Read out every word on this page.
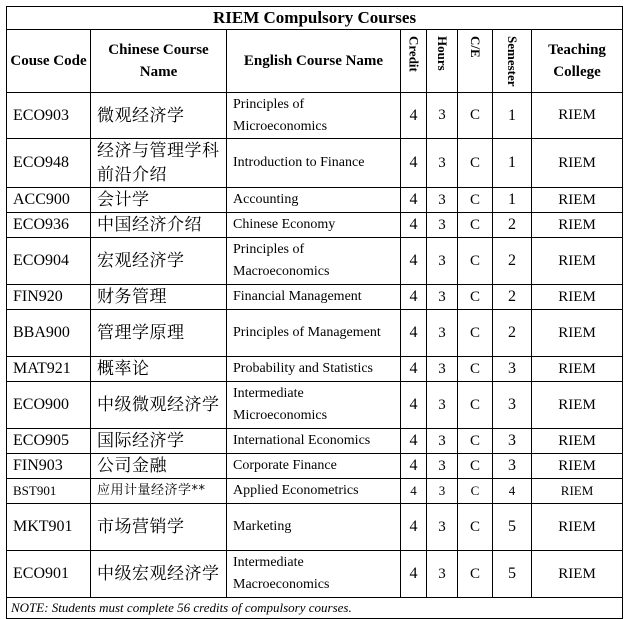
RIEM Compulsory Courses							
Couse Code	Chinese Course Name	English Course Name	Credit	Hours	C/E	Semester	Teaching College
ECO903	微观经济学	Principles of Microeconomics	4	3	C	1	RIEM
ECO948	经济与管理学科前沿介绍	Introduction to Finance	4	3	C	1	RIEM
ACC900	会计学	Accounting	4	3	C	1	RIEM
ECO936	中国经济介绍	Chinese Economy	4	3	C	2	RIEM
ECO904	宏观经济学	Principles of Macroeconomics	4	3	C	2	RIEM
FIN920	财务管理	Financial Management	4	3	C	2	RIEM
BBA900	管理学原理	Principles of Management	4	3	C	2	RIEM
MAT921	概率论	Probability and Statistics	4	3	C	3	RIEM
ECO900	中级微观经济学	Intermediate Microeconomics	4	3	C	3	RIEM
ECO905	国际经济学	International Economics	4	3	C	3	RIEM
FIN903	公司金融	Corporate Finance	4	3	C	3	RIEM
BST901	应用计量经济学**	Applied Econometrics	4	3	C	4	RIEM
MKT901	市场营销学	Marketing	4	3	C	5	RIEM
ECO901	中级宏观经济学	Intermediate Macroeconomics	4	3	C	5	RIEM
NOTE: Students must complete 56 credits of compulsory courses.							
